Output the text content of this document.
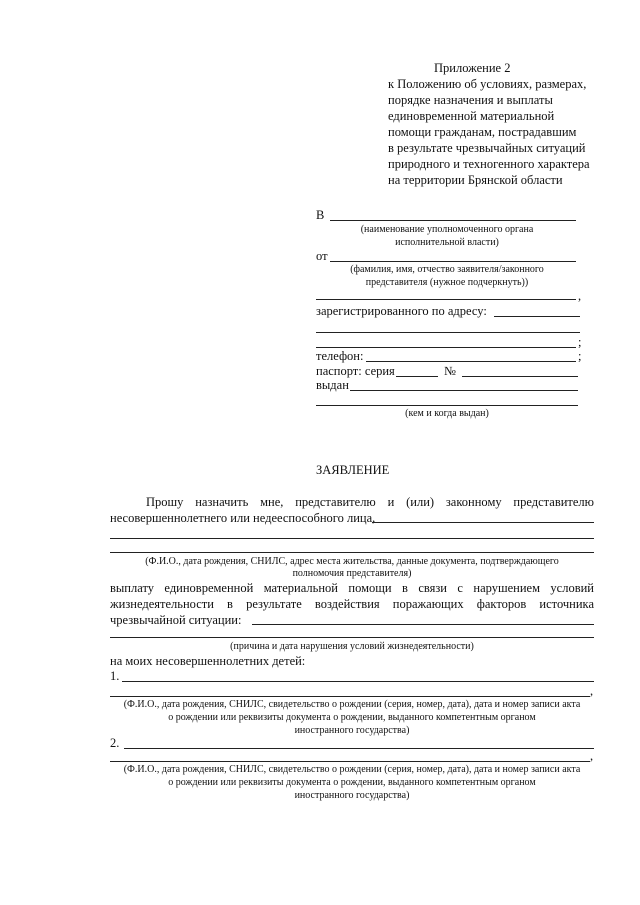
Приложение 2
к Положению об условиях, размерах,
порядке назначения и выплаты
единовременной материальной
помощи гражданам, пострадавшим
в результате чрезвычайных ситуаций
природного и техногенного характера
на территории Брянской области
В
(наименование уполномоченного органа
исполнительной власти)
от
(фамилия, имя, отчество заявителя/законного
представителя (нужное подчеркнуть))
,
зарегистрированного по адресу:
;
телефон:	;
паспорт: серия	№
выдан
(кем и когда выдан)
ЗАЯВЛЕНИЕ
Прошу назначить мне, представителю и (или) законному представителю
несовершеннолетнего или недееспособного лица,
(Ф.И.О., дата рождения, СНИЛС, адрес места жительства, данные документа, подтверждающего
полномочия представителя)
выплату единовременной материальной помощи в связи с нарушением условий
жизнедеятельности в результате воздействия поражающих факторов источника
чрезвычайной ситуации:
(причина и дата нарушения условий жизнедеятельности)
на моих несовершеннолетних детей:
1.
,
(Ф.И.О., дата рождения, СНИЛС, свидетельство о рождении (серия, номер, дата), дата и номер записи акта
о рождении или реквизиты документа о рождении, выданного компетентным органом
иностранного государства)
2.
,
(Ф.И.О., дата рождения, СНИЛС, свидетельство о рождении (серия, номер, дата), дата и номер записи акта
о рождении или реквизиты документа о рождении, выданного компетентным органом
иностранного государства)
